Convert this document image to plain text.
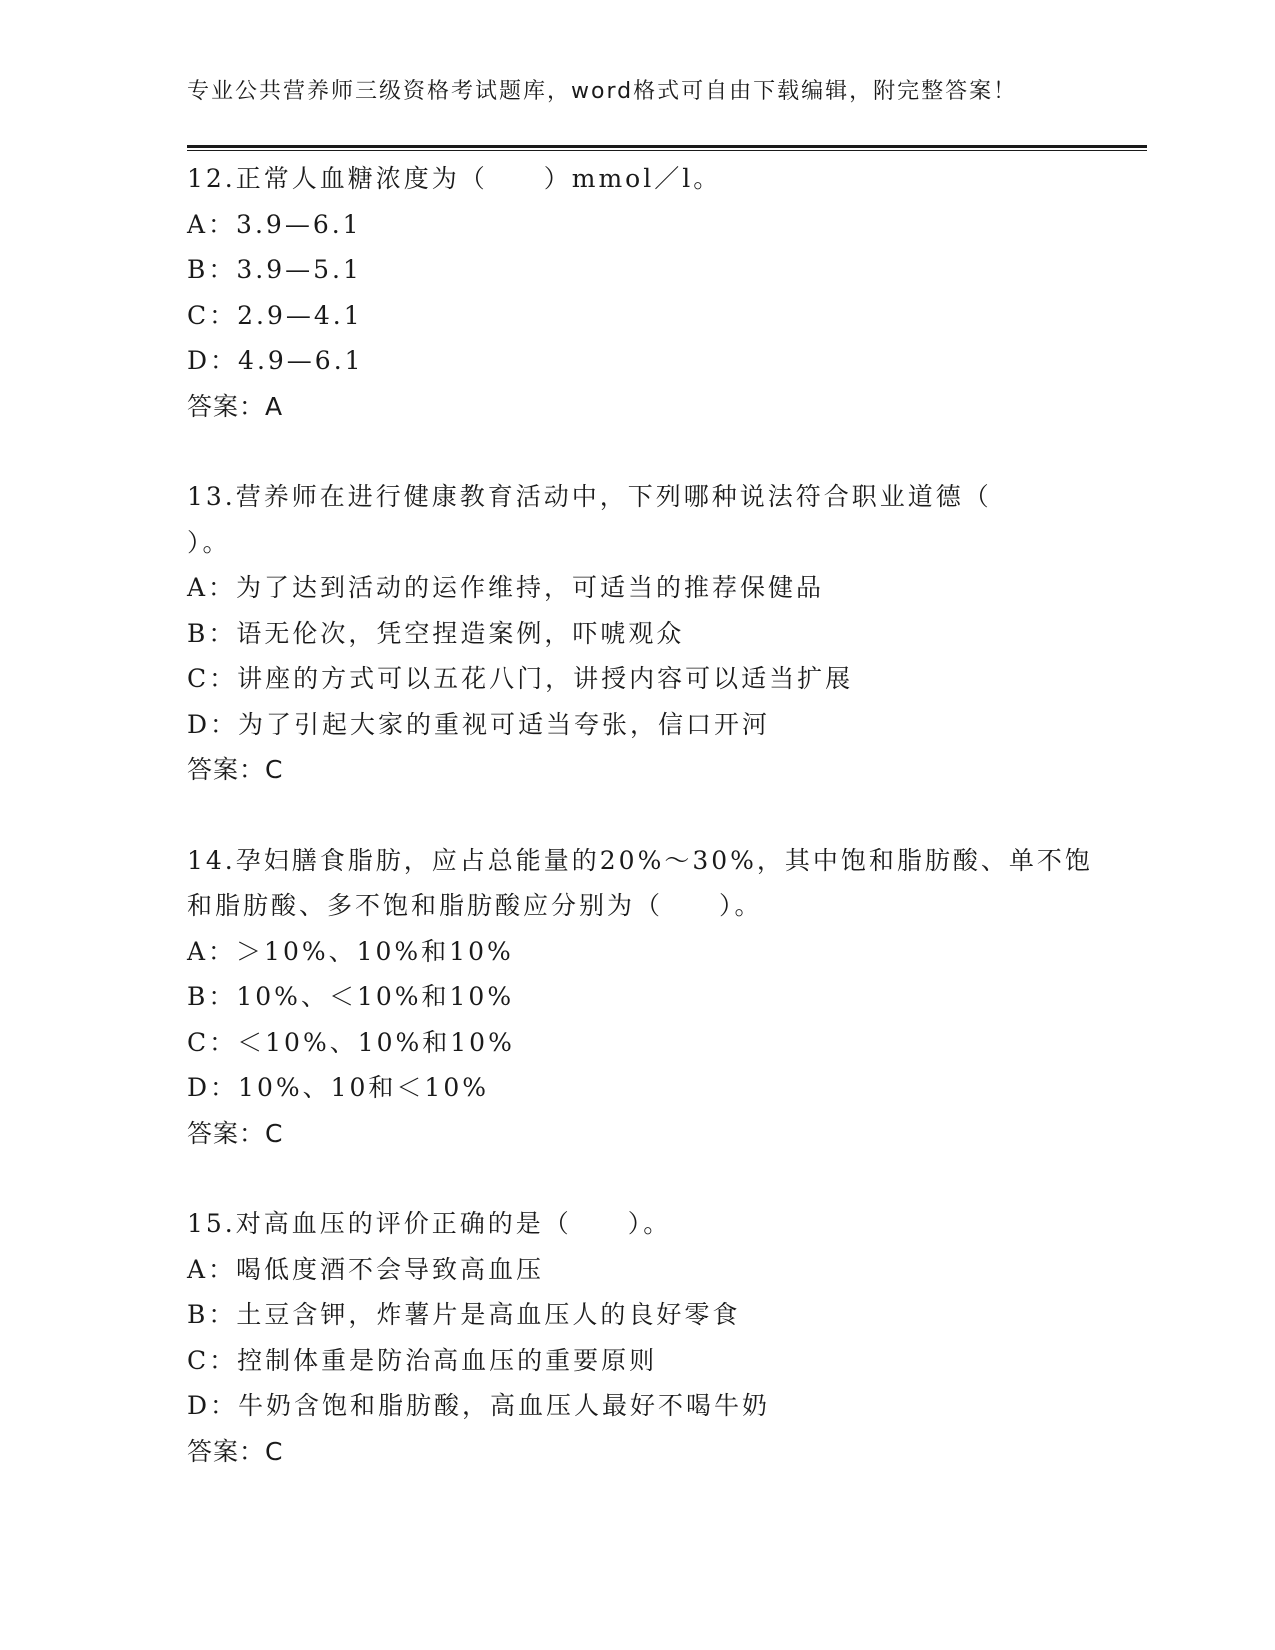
专业公共营养师三级资格考试题库，word格式可自由下载编辑，附完整答案！
12.正常人血糖浓度为（　　）mmol／l。
A：3.9—6.1
B：3.9—5.1
C：2.9—4.1
D：4.9—6.1
答案：A
13.营养师在进行健康教育活动中，下列哪种说法符合职业道德（
）。
A：为了达到活动的运作维持，可适当的推荐保健品
B：语无伦次，凭空捏造案例，吓唬观众
C：讲座的方式可以五花八门，讲授内容可以适当扩展
D：为了引起大家的重视可适当夸张，信口开河
答案：C
14.孕妇膳食脂肪，应占总能量的20%～30%，其中饱和脂肪酸、单不饱
和脂肪酸、多不饱和脂肪酸应分别为（　　）。
A：＞10%、10%和10%
B：10%、＜10%和10%
C：＜10%、10%和10%
D：10%、10和＜10%
答案：C
15.对高血压的评价正确的是（　　）。
A：喝低度酒不会导致高血压
B：土豆含钾，炸薯片是高血压人的良好零食
C：控制体重是防治高血压的重要原则
D：牛奶含饱和脂肪酸，高血压人最好不喝牛奶
答案：C
